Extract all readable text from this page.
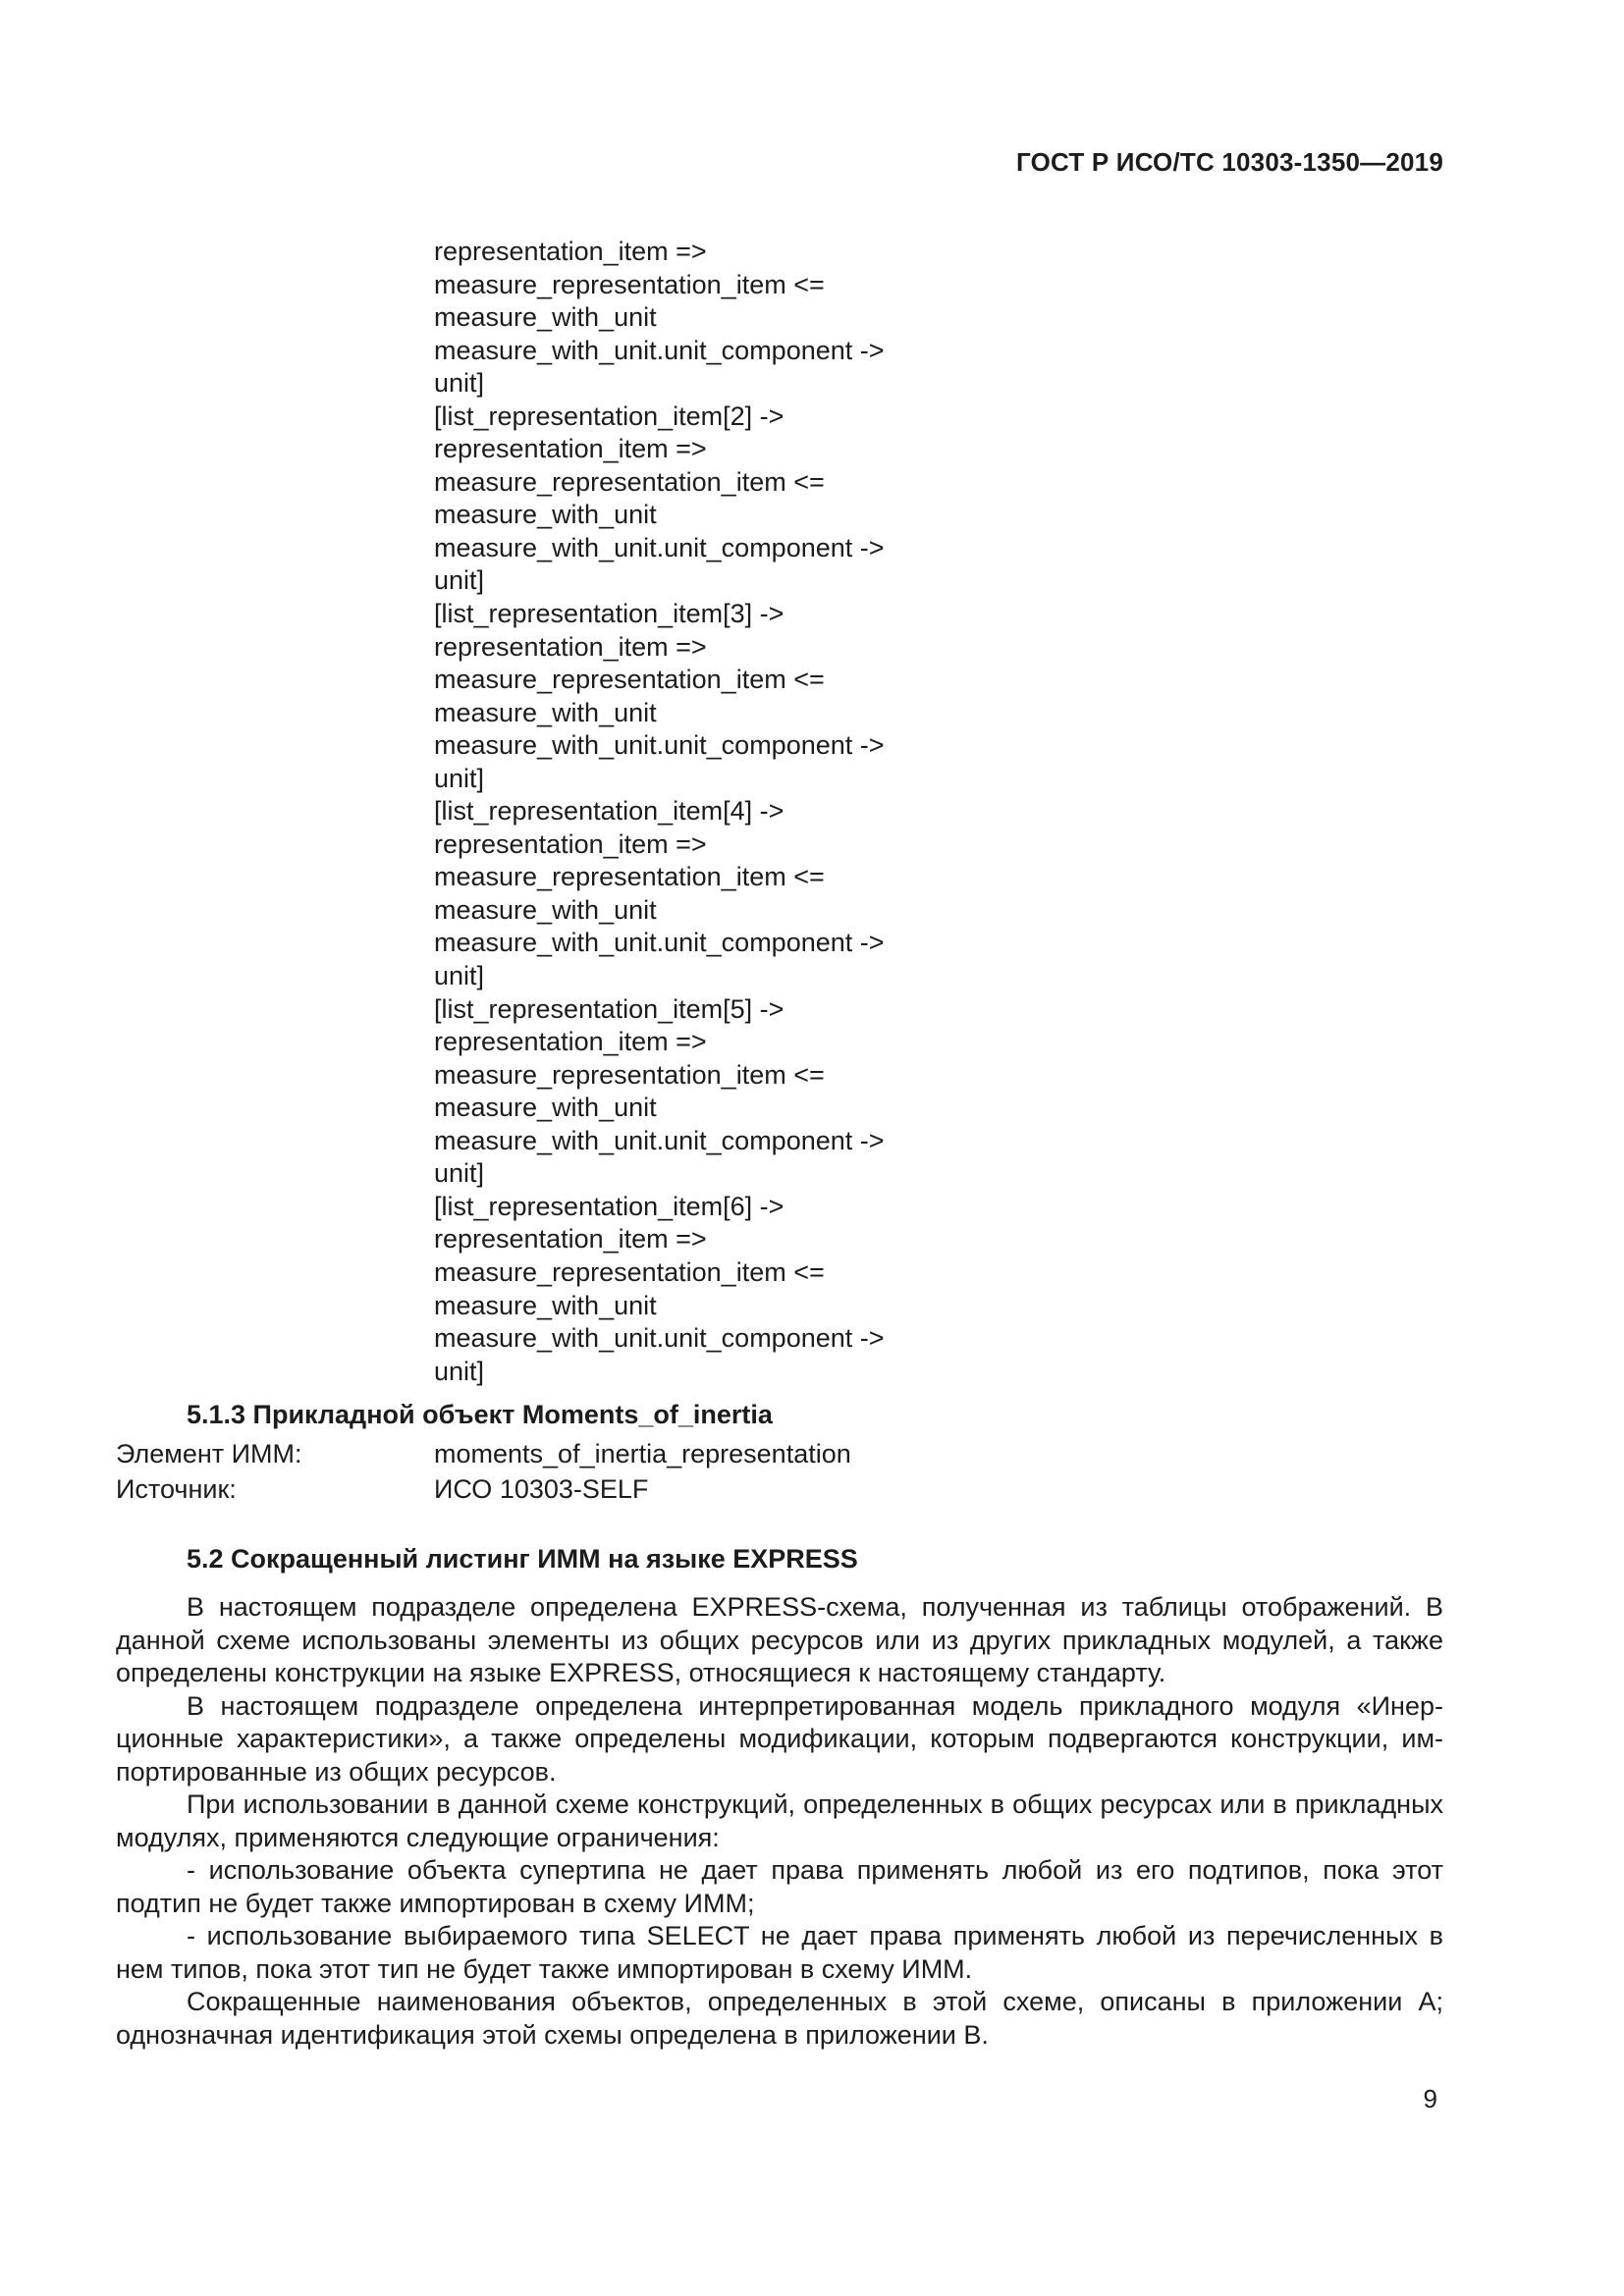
ГОСТ Р ИСО/ТС 10303-1350—2019
representation_item =>
measure_representation_item <=
measure_with_unit
measure_with_unit.unit_component ->
unit]
[list_representation_item[2] ->
representation_item =>
measure_representation_item <=
measure_with_unit
measure_with_unit.unit_component ->
unit]
[list_representation_item[3] ->
representation_item =>
measure_representation_item <=
measure_with_unit
measure_with_unit.unit_component ->
unit]
[list_representation_item[4] ->
representation_item =>
measure_representation_item <=
measure_with_unit
measure_with_unit.unit_component ->
unit]
[list_representation_item[5] ->
representation_item =>
measure_representation_item <=
measure_with_unit
measure_with_unit.unit_component ->
unit]
[list_representation_item[6] ->
representation_item =>
measure_representation_item <=
measure_with_unit
measure_with_unit.unit_component ->
unit]
5.1.3 Прикладной объект Moments_of_inertia
Элемент ИММ:	moments_of_inertia_representation
Источник:	ИСО 10303-SELF
5.2 Сокращенный листинг ИММ на языке EXPRESS

В настоящем подразделе определена EXPRESS-схема, полученная из таблицы отображений. В данной схеме использованы элементы из общих ресурсов или из других прикладных модулей, а также определены конструкции на языке EXPRESS, относящиеся к настоящему стандарту.

В настоящем подразделе определена интерпретированная модель прикладного модуля «Инерционные характеристики», а также определены модификации, которым подвергаются конструкции, импортированные из общих ресурсов.

При использовании в данной схеме конструкций, определенных в общих ресурсах или в прикладных модулях, применяются следующие ограничения:

- использование объекта супертипа не дает права применять любой из его подтипов, пока этот подтип не будет также импортирован в схему ИММ;

- использование выбираемого типа SELECT не дает права применять любой из перечисленных в нем типов, пока этот тип не будет также импортирован в схему ИММ.

Сокращенные наименования объектов, определенных в этой схеме, описаны в приложении А; однозначная идентификация этой схемы определена в приложении В.

9
